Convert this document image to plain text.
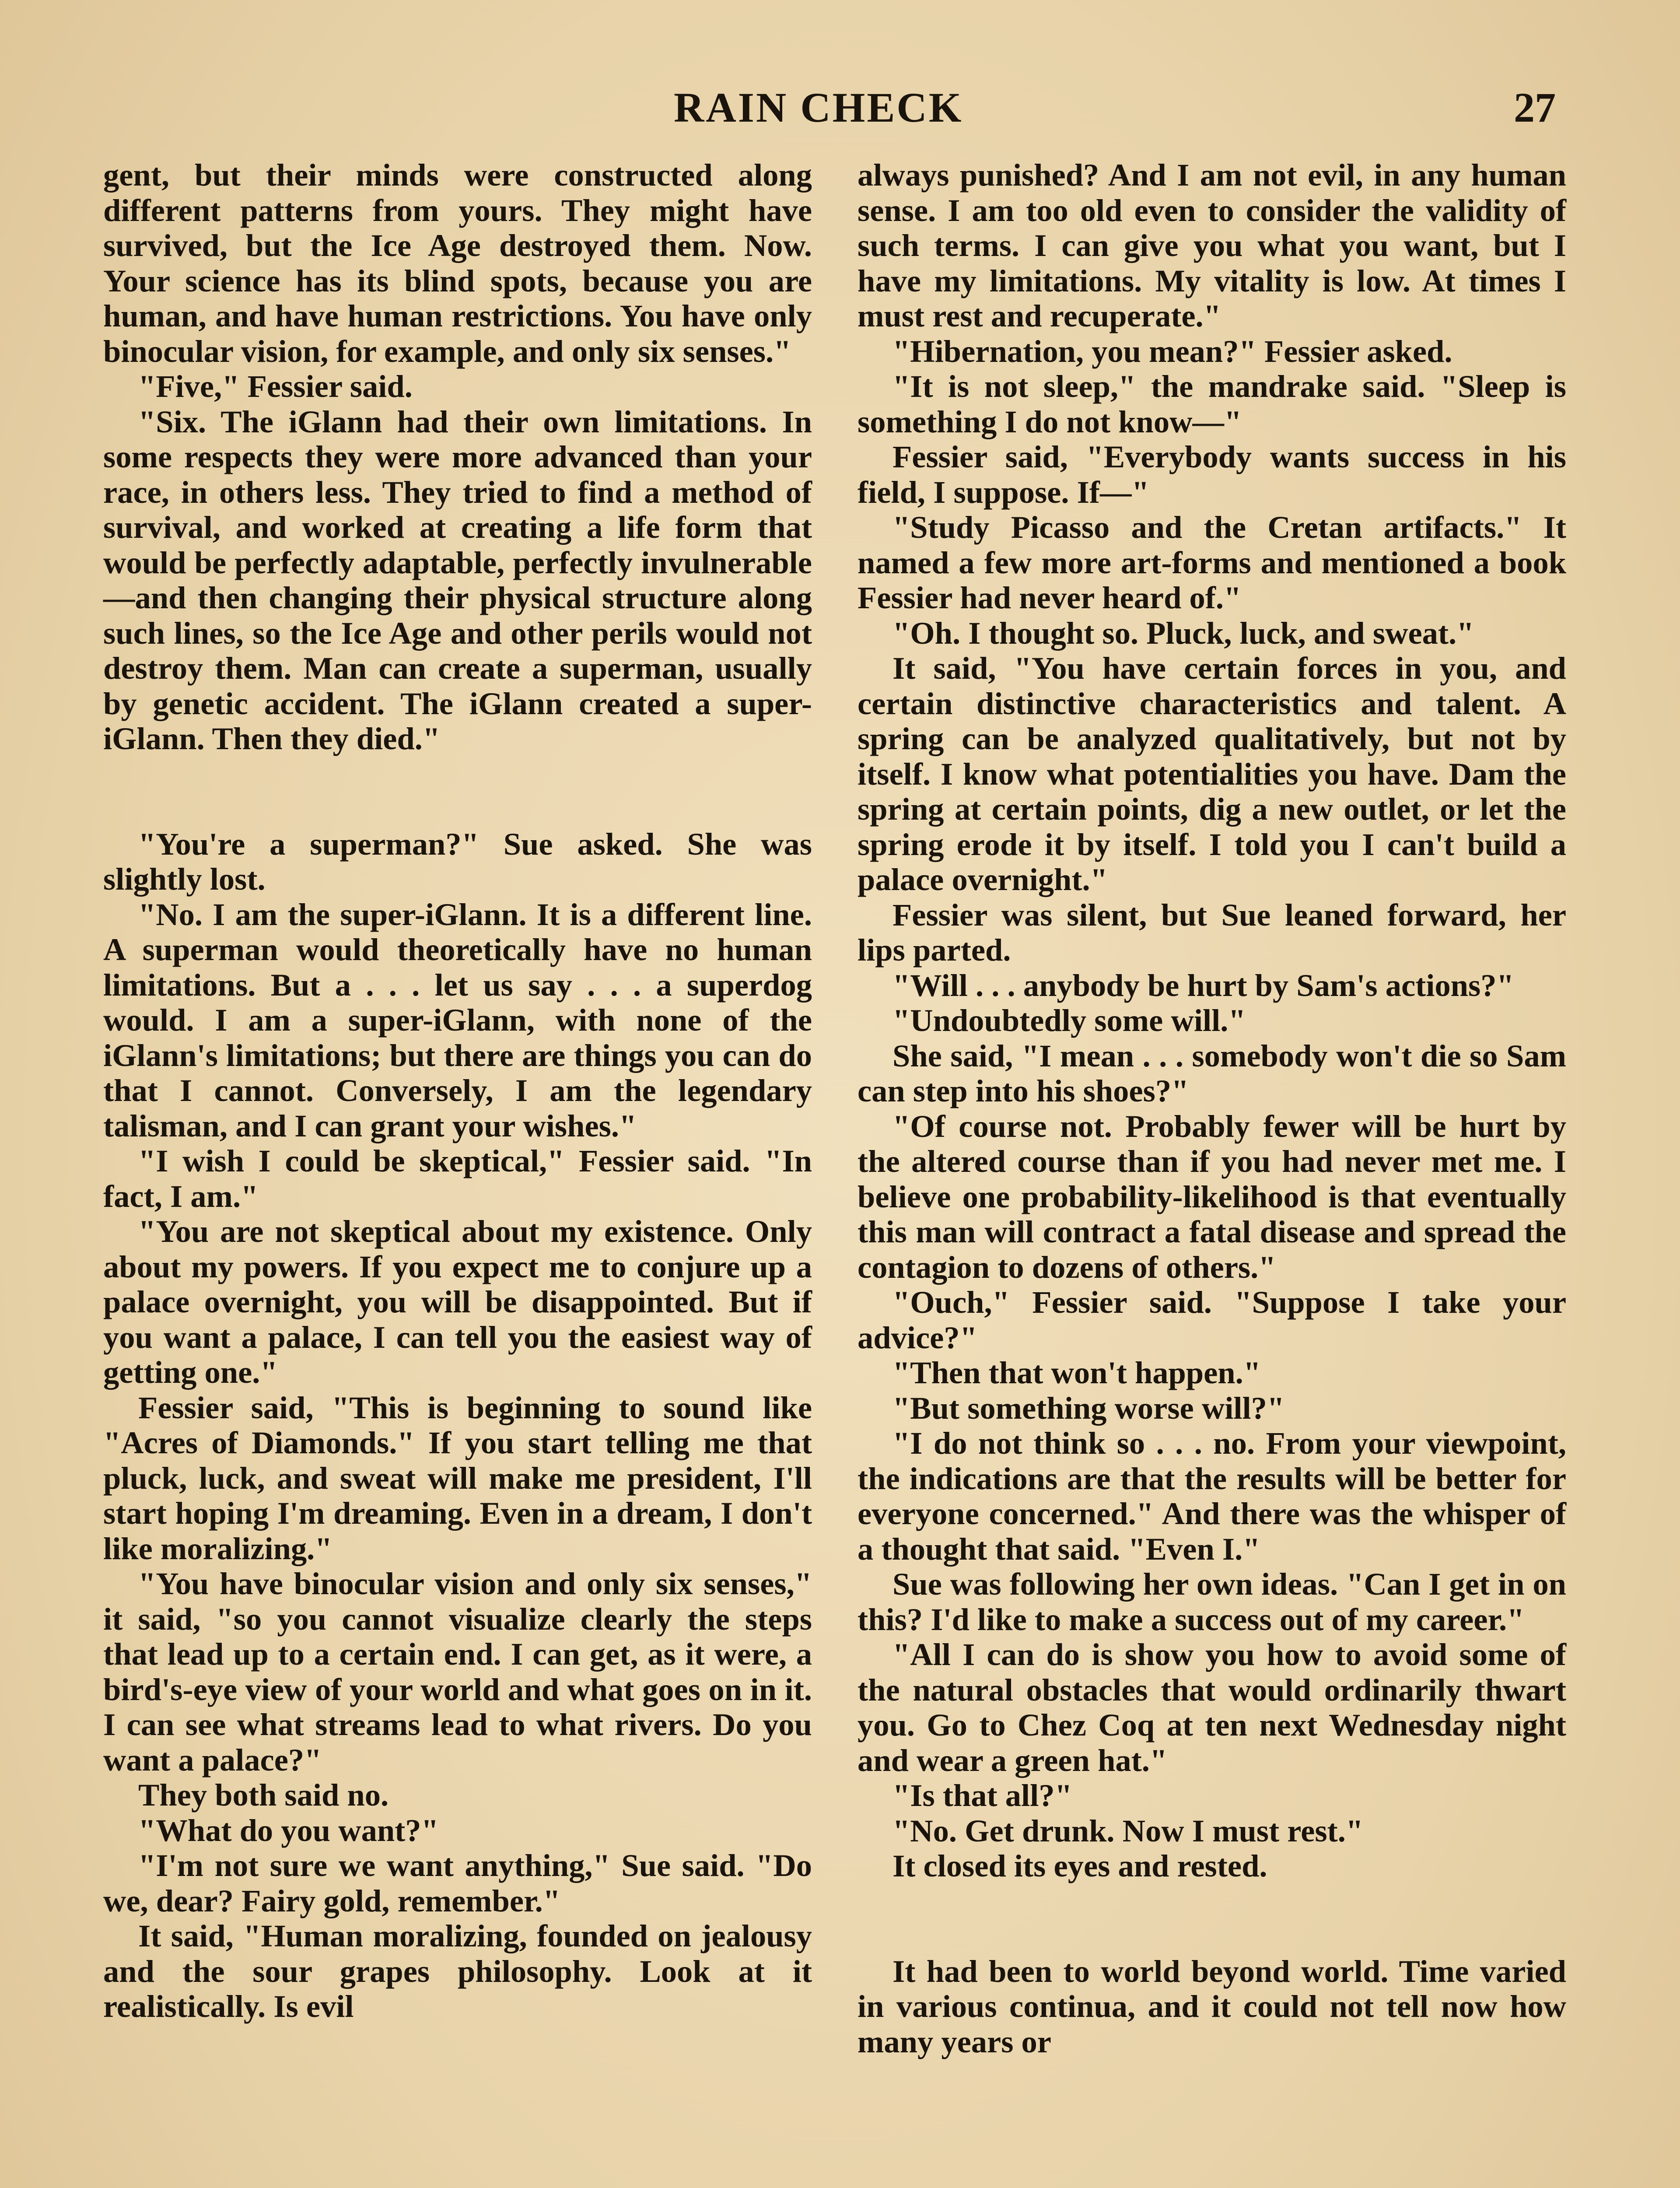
RAIN CHECK	27

gent, but their minds were constructed along different patterns from yours. They might have survived, but the Ice Age destroyed them. Now. Your science has its blind spots, because you are human, and have human restrictions. You have only binocular vision, for example, and only six senses."

"Five," Fessier said.

"Six. The iGlann had their own limitations. In some respects they were more advanced than your race, in others less. They tried to find a method of survival, and worked at creating a life form that would be perfectly adaptable, perfectly invulnerable—and then changing their physical structure along such lines, so the Ice Age and other perils would not destroy them. Man can create a superman, usually by genetic accident. The iGlann created a super-iGlann. Then they died."

"You're a superman?" Sue asked. She was slightly lost.

"No. I am the super-iGlann. It is a different line. A superman would theoretically have no human limitations. But a . . . let us say . . . a superdog would. I am a super-iGlann, with none of the iGlann's limitations; but there are things you can do that I cannot. Conversely, I am the legendary talisman, and I can grant your wishes."

"I wish I could be skeptical," Fessier said. "In fact, I am."

"You are not skeptical about my existence. Only about my powers. If you expect me to conjure up a palace overnight, you will be disappointed. But if you want a palace, I can tell you the easiest way of getting one."

Fessier said, "This is beginning to sound like "Acres of Diamonds." If you start telling me that pluck, luck, and sweat will make me president, I'll start hoping I'm dreaming. Even in a dream, I don't like moralizing."

"You have binocular vision and only six senses," it said, "so you cannot visualize clearly the steps that lead up to a certain end. I can get, as it were, a bird's-eye view of your world and what goes on in it. I can see what streams lead to what rivers. Do you want a palace?"

They both said no.

"What do you want?"

"I'm not sure we want anything," Sue said. "Do we, dear? Fairy gold, remember."

It said, "Human moralizing, founded on jealousy and the sour grapes philosophy. Look at it realistically. Is evil

always punished? And I am not evil, in any human sense. I am too old even to consider the validity of such terms. I can give you what you want, but I have my limitations. My vitality is low. At times I must rest and recuperate."

"Hibernation, you mean?" Fessier asked.

"It is not sleep," the mandrake said. "Sleep is something I do not know—"

Fessier said, "Everybody wants success in his field, I suppose. If—"

"Study Picasso and the Cretan artifacts." It named a few more art-forms and mentioned a book Fessier had never heard of."

"Oh. I thought so. Pluck, luck, and sweat."

It said, "You have certain forces in you, and certain distinctive characteristics and talent. A spring can be analyzed qualitatively, but not by itself. I know what potentialities you have. Dam the spring at certain points, dig a new outlet, or let the spring erode it by itself. I told you I can't build a palace overnight."

Fessier was silent, but Sue leaned forward, her lips parted.

"Will . . . anybody be hurt by Sam's actions?"

"Undoubtedly some will."

She said, "I mean . . . somebody won't die so Sam can step into his shoes?"

"Of course not. Probably fewer will be hurt by the altered course than if you had never met me. I believe one probability-likelihood is that eventually this man will contract a fatal disease and spread the contagion to dozens of others."

"Ouch," Fessier said. "Suppose I take your advice?"

"Then that won't happen."

"But something worse will?"

"I do not think so . . . no. From your viewpoint, the indications are that the results will be better for everyone concerned." And there was the whisper of a thought that said. "Even I."

Sue was following her own ideas. "Can I get in on this? I'd like to make a success out of my career."

"All I can do is show you how to avoid some of the natural obstacles that would ordinarily thwart you. Go to Chez Coq at ten next Wednesday night and wear a green hat."

"Is that all?"

"No. Get drunk. Now I must rest."

It closed its eyes and rested.

It had been to world beyond world. Time varied in various continua, and it could not tell now how many years or
